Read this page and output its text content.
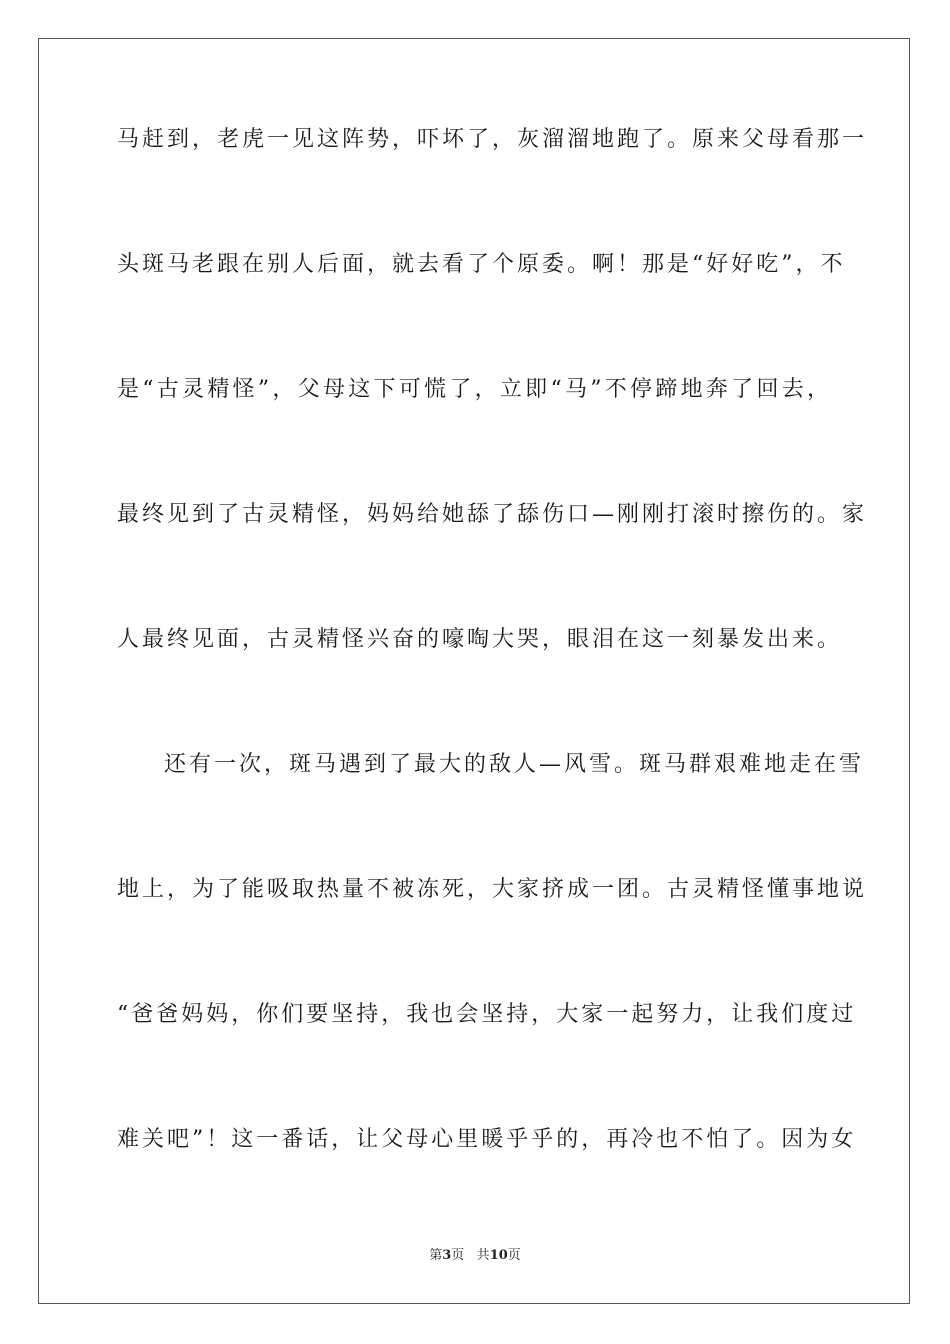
马赶到，老虎一见这阵势，吓坏了，灰溜溜地跑了。原来父母看那一
头斑马老跟在别人后面，就去看了个原委。啊！那是“好好吃”，不
是“古灵精怪”，父母这下可慌了，立即“马”不停蹄地奔了回去，
最终见到了古灵精怪，妈妈给她舔了舔伤口—刚刚打滚时擦伤的。家
人最终见面，古灵精怪兴奋的嚎啕大哭，眼泪在这一刻暴发出来。
还有一次，斑马遇到了最大的敌人—风雪。斑马群艰难地走在雪
地上，为了能吸取热量不被冻死，大家挤成一团。古灵精怪懂事地说
“爸爸妈妈，你们要坚持，我也会坚持，大家一起努力，让我们度过
难关吧”！这一番话，让父母心里暖乎乎的，再冷也不怕了。因为女
第3页 共10页
